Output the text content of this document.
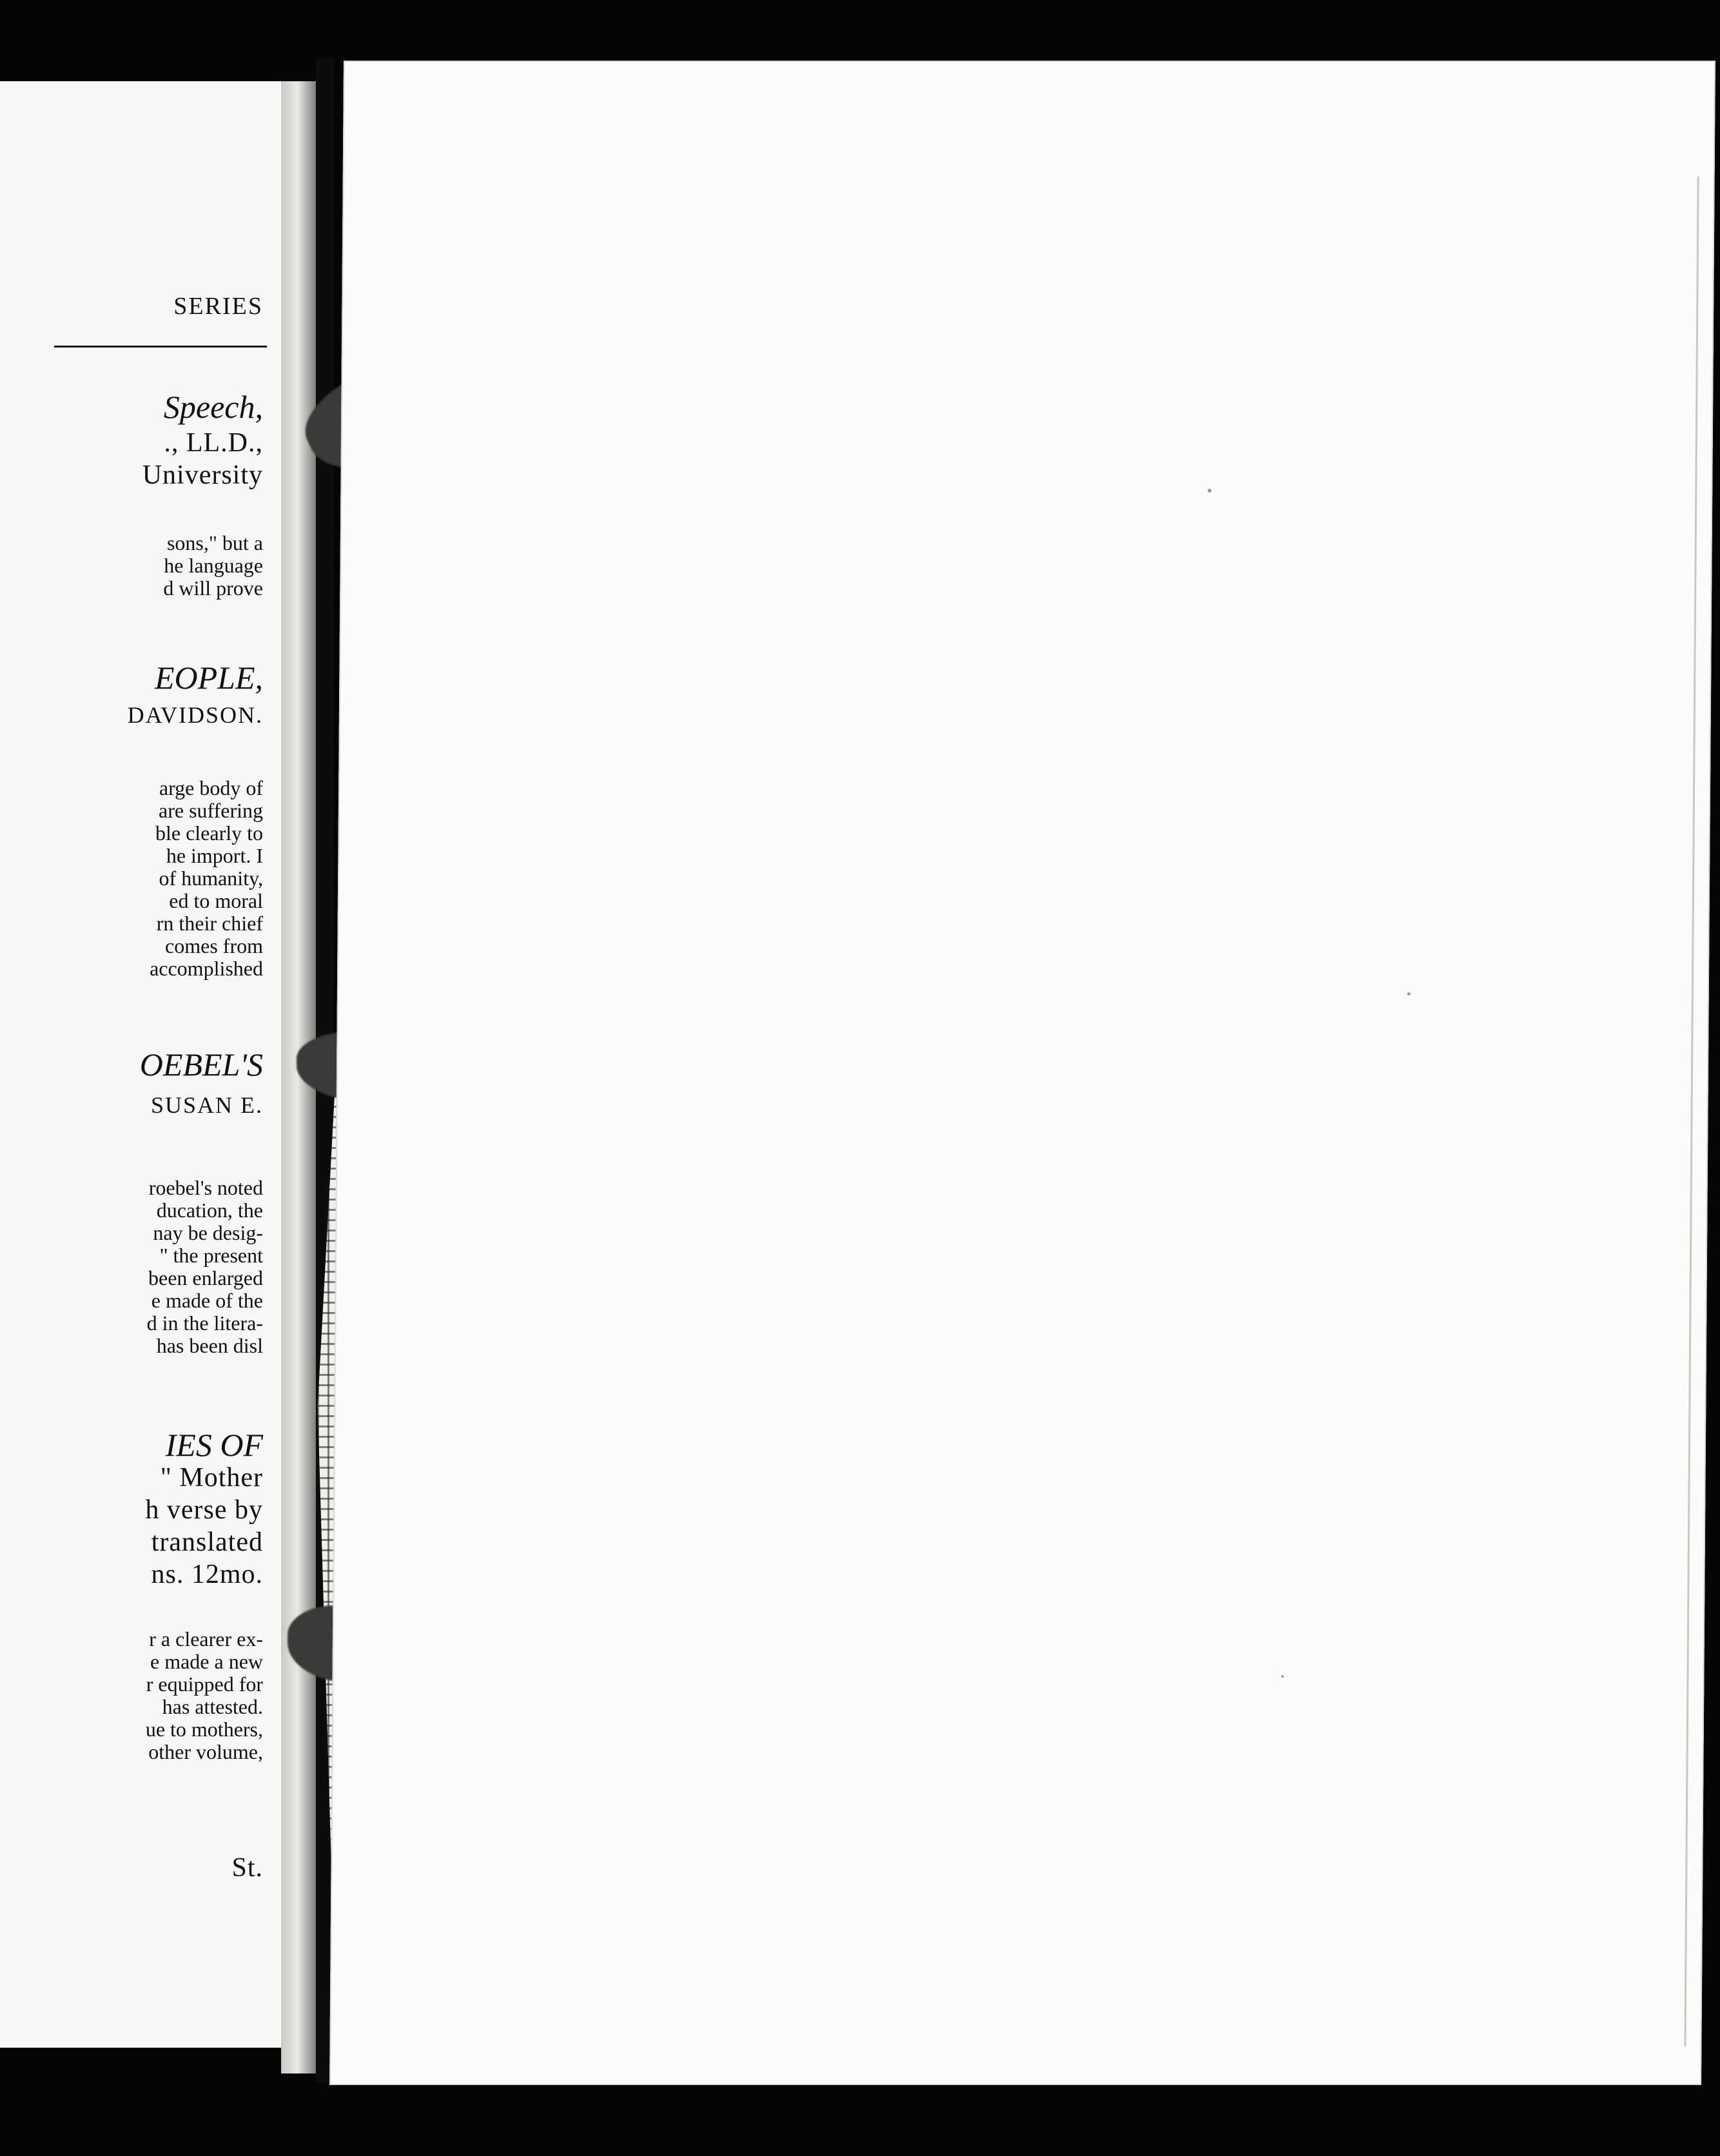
SERIES
Speech,
., LL.D.,
University
sons," but a
he language
d will prove
EOPLE,
DAVIDSON.
arge body of
are suffering
ble clearly to
he import. I
of humanity,
ed to moral
rn their chief
comes from
accomplished
OEBEL'S
SUSAN E.
roebel's noted
ducation, the
nay be desig-
" the present
been enlarged
e made of the
d in the litera-
has been disl
IES OF
" Mother
h verse by
translated
ns. 12mo.
r a clearer ex-
e made a new
r equipped for
has attested.
ue to mothers,
other volume,
St.
